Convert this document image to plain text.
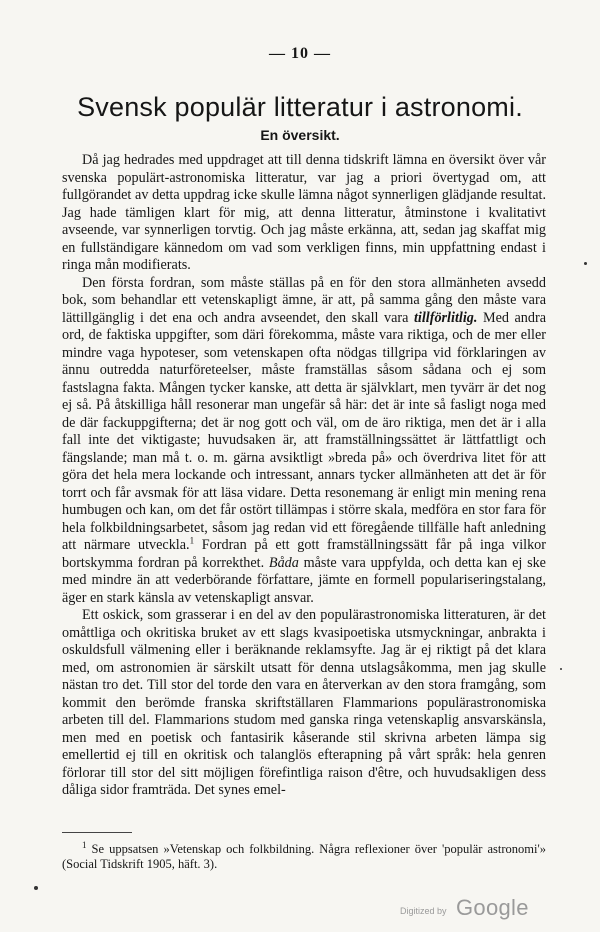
— 10 —
Svensk populär litteratur i astronomi.
En översikt.

Då jag hedrades med uppdraget att till denna tidskrift lämna en översikt över vår svenska populärt-astronomiska litteratur, var jag a priori övertygad om, att fullgörandet av detta uppdrag icke skulle lämna något synnerligen glädjande resultat. Jag hade tämligen klart för mig, att denna litteratur, åtminstone i kvalitativt avseende, var synnerligen torvtig. Och jag måste erkänna, att, sedan jag skaffat mig en fullständigare kännedom om vad som verkligen finns, min uppfattning endast i ringa mån modifierats.

Den första fordran, som måste ställas på en för den stora allmänheten avsedd bok, som behandlar ett vetenskapligt ämne, är att, på samma gång den måste vara lättillgänglig i det ena och andra avseendet, den skall vara tillförlitlig. Med andra ord, de faktiska uppgifter, som däri förekomma, måste vara riktiga, och de mer eller mindre vaga hypoteser, som vetenskapen ofta nödgas tillgripa vid förklaringen av ännu outredda naturföreteelser, måste framställas såsom sådana och ej som fastslagna fakta. Mången tycker kanske, att detta är självklart, men tyvärr är det nog ej så. På åtskilliga håll resonerar man ungefär så här: det är inte så fasligt noga med de där fackuppgifterna; det är nog gott och väl, om de äro riktiga, men det är i alla fall inte det viktigaste; huvudsaken är, att framställningssättet är lättfattligt och fängslande; man må t. o. m. gärna avsiktligt »breda på» och överdriva litet för att göra det hela mera lockande och intressant, annars tycker allmänheten att det är för torrt och får avsmak för att läsa vidare. Detta resonemang är enligt min mening rena humbugen och kan, om det får ostört tillämpas i större skala, medföra en stor fara för hela folkbildningsarbetet, såsom jag redan vid ett föregående tillfälle haft anledning att närmare utveckla.$^1$ Fordran på ett gott framställningssätt får på inga vilkor bortskymma fordran på korrekthet. Båda måste vara uppfylda, och detta kan ej ske med mindre än att vederbörande författare, jämte en formell populariseringstalang, äger en stark känsla av vetenskapligt ansvar.

Ett oskick, som grasserar i en del av den populärastronomiska litteraturen, är det omåttliga och okritiska bruket av ett slags kvasipoetiska utsmyckningar, anbrakta i oskuldsfull välmening eller i beräknande reklamsyfte. Jag är ej riktigt på det klara med, om astronomien är särskilt utsatt för denna utslagsåkomma, men jag skulle nästan tro det. Till stor del torde den vara en återverkan av den stora framgång, som kommit den berömde franska skriftställaren Flammarions populärastronomiska arbeten till del. Flammarions studom med ganska ringa vetenskaplig ansvarskänsla, men med en poetisk och fantasirik kåserande stil skrivna arbeten lämpa sig emellertid ej till en okritisk och talanglös efterapning på vårt språk: hela genren förlorar till stor del sitt möjligen förefintliga raison d'être, och huvudsakligen dess dåliga sidor framträda. Det synes emel-

$^1$ Se uppsatsen »Vetenskap och folkbildning. Några reflexioner över 'populär astronomi'» (Social Tidskrift 1905, häft. 3).

Digitized by Google
